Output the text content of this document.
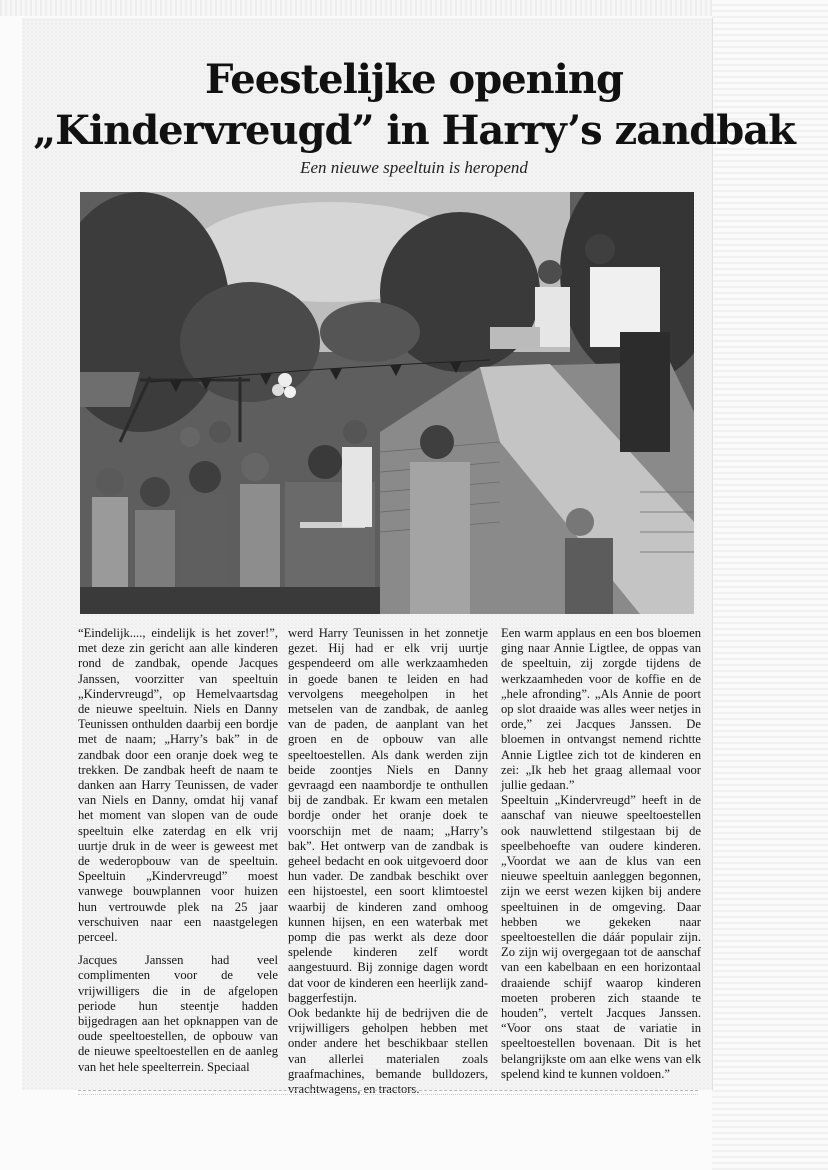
Feestelijke opening
„Kindervreugd” in Harry’s zandbak
Een nieuwe speeltuin is heropend

“Eindelijk...., eindelijk is het zover!”, met deze zin gericht aan alle kinderen rond de zandbak, opende Jacques Janssen, voorzitter van speeltuin „Kindervreugd”, op Hemelvaartsdag de nieuwe speeltuin. Niels en Danny Teunissen onthulden daarbij een bordje met de naam; „Harry’s bak” in de zandbak door een oranje doek weg te trekken. De zandbak heeft de naam te danken aan Harry Teunissen, de vader van Niels en Danny, omdat hij vanaf het moment van slopen van de oude speeltuin elke zaterdag en elk vrij uurtje druk in de weer is geweest met de wederopbouw van de speeltuin. Speeltuin „Kindervreugd” moest vanwege bouwplannen voor huizen hun vertrouwde plek na 25 jaar verschuiven naar een naastgelegen perceel.

Jacques Janssen had veel complimenten voor de vele vrijwilligers die in de afgelopen periode hun steentje hadden bijgedragen aan het opknappen van de oude speeltoestellen, de opbouw van de nieuwe speeltoestellen en de aanleg van het hele speelterrein. Speciaal

werd Harry Teunissen in het zonnetje gezet. Hij had er elk vrij uurtje gespendeerd om alle werkzaamheden in goede banen te leiden en had vervolgens meegeholpen in het metselen van de zandbak, de aanleg van de paden, de aanplant van het groen en de opbouw van alle speeltoestellen. Als dank werden zijn beide zoontjes Niels en Danny gevraagd een naambordje te onthullen bij de zandbak. Er kwam een metalen bordje onder het oranje doek te voorschijn met de naam; „Harry’s bak”. Het ontwerp van de zandbak is geheel bedacht en ook uitgevoerd door hun vader. De zandbak beschikt over een hijstoestel, een soort klimtoestel waarbij de kinderen zand omhoog kunnen hijsen, en een waterbak met pomp die pas werkt als deze door spelende kinderen zelf wordt aangestuurd. Bij zonnige dagen wordt dat voor de kinderen een heerlijk zand-baggerfestijn.

Ook bedankte hij de bedrijven die de vrijwilligers geholpen hebben met onder andere het beschikbaar stellen van allerlei materialen zoals graafmachines, bemande bulldozers, vrachtwagens, en tractors.

Een warm applaus en een bos bloemen ging naar Annie Ligtlee, de oppas van de speeltuin, zij zorgde tijdens de werkzaamheden voor de koffie en de „hele afronding”. „Als Annie de poort op slot draaide was alles weer netjes in orde,” zei Jacques Janssen. De bloemen in ontvangst nemend richtte Annie Ligtlee zich tot de kinderen en zei: „Ik heb het graag allemaal voor jullie gedaan.”

Speeltuin „Kindervreugd” heeft in de aanschaf van nieuwe speeltoestellen ook nauwlettend stilgestaan bij de speelbehoefte van oudere kinderen. „Voordat we aan de klus van een nieuwe speeltuin aanleggen begonnen, zijn we eerst wezen kijken bij andere speeltuinen in de omgeving. Daar hebben we gekeken naar speeltoestellen die dáár populair zijn. Zo zijn wij overgegaan tot de aanschaf van een kabelbaan en een horizontaal draaiende schijf waarop kinderen moeten proberen zich staande te houden”, vertelt Jacques Janssen. “Voor ons staat de variatie in speeltoestellen bovenaan. Dit is het belangrijkste om aan elke wens van elk spelend kind te kunnen voldoen.”
